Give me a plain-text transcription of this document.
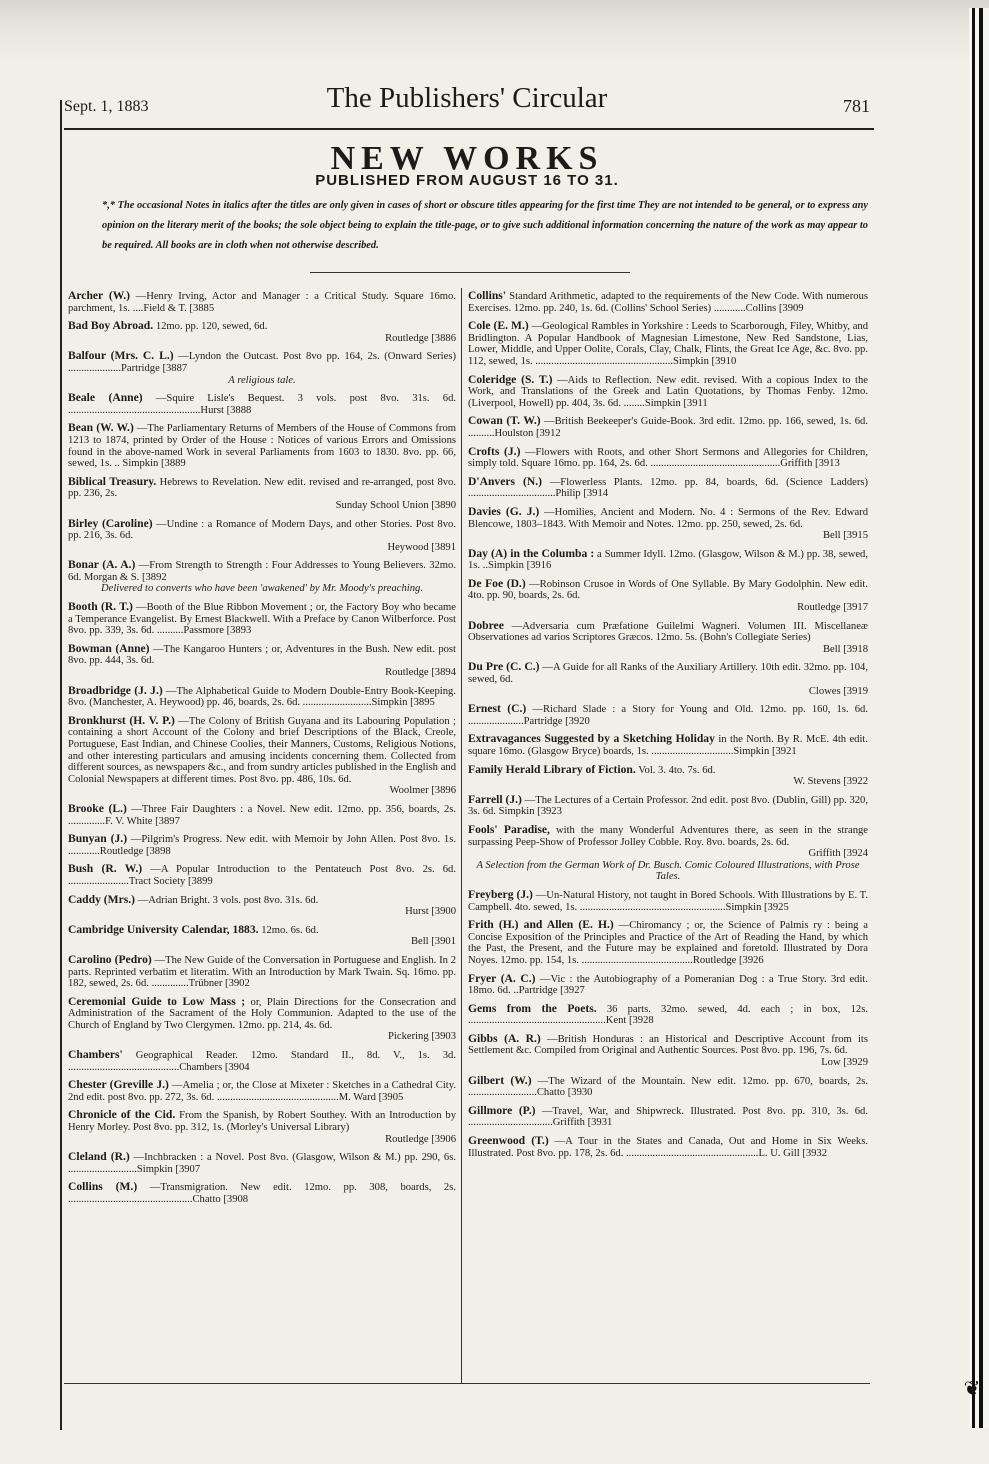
Sept. 1, 1883	The Publishers' Circular	781
NEW WORKS
PUBLISHED FROM AUGUST 16 TO 31.
*,* The occasional Notes in italics after the titles are only given in cases of short or obscure titles appearing for the first time They are not intended to be general, or to express any opinion on the literary merit of the books; the sole object being to explain the title-page, or to give such additional information concerning the nature of the work as may appear to be required. All books are in cloth when not otherwise described.
Archer (W.) —Henry Irving, Actor and Manager : a Critical Study. Square 16mo. parchment, 1s. ....Field & T. [3885
Bad Boy Abroad. 12mo. pp. 120, sewed, 6d.
Routledge [3886
Balfour (Mrs. C. L.) —Lyndon the Outcast. Post 8vo pp. 164, 2s. (Onward Series) ....................Partridge [3887
A religious tale.
Beale (Anne) —Squire Lisle's Bequest. 3 vols. post 8vo. 31s. 6d. ..................................................Hurst [3888
Bean (W. W.) —The Parliamentary Returns of Members of the House of Commons from 1213 to 1874, printed by Order of the House : Notices of various Errors and Omissions found in the above-named Work in several Parliaments from 1603 to 1830. 8vo. pp. 66, sewed, 1s. .. Simpkin [3889
Biblical Treasury. Hebrews to Revelation. New edit. revised and re-arranged, post 8vo. pp. 236, 2s.
Sunday School Union [3890
Birley (Caroline) —Undine : a Romance of Modern Days, and other Stories. Post 8vo. pp. 216, 3s. 6d.
Heywood [3891
Bonar (A. A.) —From Strength to Strength : Four Addresses to Young Believers. 32mo. 6d. Morgan & S. [3892
Delivered to converts who have been 'awakened' by Mr. Moody's preaching.
Booth (R. T.) —Booth of the Blue Ribbon Movement ; or, the Factory Boy who became a Temperance Evangelist. By Ernest Blackwell. With a Preface by Canon Wilberforce. Post 8vo. pp. 339, 3s. 6d. ..........Passmore [3893
Bowman (Anne) —The Kangaroo Hunters ; or, Adventures in the Bush. New edit. post 8vo. pp. 444, 3s. 6d.
Routledge [3894
Broadbridge (J. J.) —The Alphabetical Guide to Modern Double-Entry Book-Keeping. 8vo. (Manchester, A. Heywood) pp. 46, boards, 2s. 6d. ..........................Simpkin [3895
Bronkhurst (H. V. P.) —The Colony of British Guyana and its Labouring Population ; containing a short Account of the Colony and brief Descriptions of the Black, Creole, Portuguese, East Indian, and Chinese Coolies, their Manners, Customs, Religious Notions, and other interesting particulars and amusing incidents concerning them. Collected from different sources, as newspapers &c., and from sundry articles published in the English and Colonial Newspapers at different times. Post 8vo. pp. 486, 10s. 6d.
Woolmer [3896
Brooke (L.) —Three Fair Daughters : a Novel. New edit. 12mo. pp. 356, boards, 2s. ..............F. V. White [3897
Bunyan (J.) —Pilgrim's Progress. New edit. with Memoir by John Allen. Post 8vo. 1s. ............Routledge [3898
Bush (R. W.) —A Popular Introduction to the Pentateuch Post 8vo. 2s. 6d. .......................Tract Society [3899
Caddy (Mrs.) —Adrian Bright. 3 vols. post 8vo. 31s. 6d.
Hurst [3900
Cambridge University Calendar, 1883. 12mo. 6s. 6d.
Bell [3901
Carolino (Pedro) —The New Guide of the Conversation in Portuguese and English. In 2 parts. Reprinted verbatim et literatim. With an Introduction by Mark Twain. Sq. 16mo. pp. 182, sewed, 2s. 6d. ..............Trübner [3902
Ceremonial Guide to Low Mass ; or, Plain Directions for the Consecration and Administration of the Sacrament of the Holy Communion. Adapted to the use of the Church of England by Two Clergymen. 12mo. pp. 214, 4s. 6d.
Pickering [3903
Chambers' Geographical Reader. 12mo. Standard II., 8d. V., 1s. 3d. ..........................................Chambers [3904
Chester (Greville J.) —Amelia ; or, the Close at Mixeter : Sketches in a Cathedral City. 2nd edit. post 8vo. pp. 272, 3s. 6d. ..............................................M. Ward [3905
Chronicle of the Cid. From the Spanish, by Robert Southey. With an Introduction by Henry Morley. Post 8vo. pp. 312, 1s. (Morley's Universal Library)
Routledge [3906
Cleland (R.) —Inchbracken : a Novel. Post 8vo. (Glasgow, Wilson & M.) pp. 290, 6s. ..........................Simpkin [3907
Collins (M.) —Transmigration. New edit. 12mo. pp. 308, boards, 2s. ...............................................Chatto [3908
Collins' Standard Arithmetic, adapted to the requirements of the New Code. With numerous Exercises. 12mo. pp. 240, 1s. 6d. (Collins' School Series) ............Collins [3909
Cole (E. M.) —Geological Rambles in Yorkshire : Leeds to Scarborough, Filey, Whitby, and Bridlington. A Popular Handbook of Magnesian Limestone, New Red Sandstone, Lias, Lower, Middle, and Upper Oolite, Corals, Clay, Chalk, Flints, the Great Ice Age, &c. 8vo. pp. 112, sewed, 1s. ....................................................Simpkin [3910
Coleridge (S. T.) —Aids to Reflection. New edit. revised. With a copious Index to the Work, and Translations of the Greek and Latin Quotations, by Thomas Fenby. 12mo. (Liverpool, Howell) pp. 404, 3s. 6d. ........Simpkin [3911
Cowan (T. W.) —British Beekeeper's Guide-Book. 3rd edit. 12mo. pp. 166, sewed, 1s. 6d. ..........Houlston [3912
Crofts (J.) —Flowers with Roots, and other Short Sermons and Allegories for Children, simply told. Square 16mo. pp. 164, 2s. 6d. .................................................Griffith [3913
D'Anvers (N.) —Flowerless Plants. 12mo. pp. 84, boards, 6d. (Science Ladders) .................................Philip [3914
Davies (G. J.) —Homilies, Ancient and Modern. No. 4 : Sermons of the Rev. Edward Blencowe, 1803–1843. With Memoir and Notes. 12mo. pp. 250, sewed, 2s. 6d.
Bell [3915
Day (A) in the Columba : a Summer Idyll. 12mo. (Glasgow, Wilson & M.) pp. 38, sewed, 1s. ..Simpkin [3916
De Foe (D.) —Robinson Crusoe in Words of One Syllable. By Mary Godolphin. New edit. 4to. pp. 90, boards, 2s. 6d.
Routledge [3917
Dobree —Adversaria cum Præfatione Guilelmi Wagneri. Volumen III. Miscellaneæ Observationes ad varios Scriptores Græcos. 12mo. 5s. (Bohn's Collegiate Series)
Bell [3918
Du Pre (C. C.) —A Guide for all Ranks of the Auxiliary Artillery. 10th edit. 32mo. pp. 104, sewed, 6d.
Clowes [3919
Ernest (C.) —Richard Slade : a Story for Young and Old. 12mo. pp. 160, 1s. 6d. .....................Partridge [3920
Extravagances Suggested by a Sketching Holiday in the North. By R. McE. 4th edit. square 16mo. (Glasgow Bryce) boards, 1s. ...............................Simpkin [3921
Family Herald Library of Fiction. Vol. 3. 4to. 7s. 6d.
W. Stevens [3922
Farrell (J.) —The Lectures of a Certain Professor. 2nd edit. post 8vo. (Dublin, Gill) pp. 320, 3s. 6d. Simpkin [3923
Fools' Paradise, with the many Wonderful Adventures there, as seen in the strange surpassing Peep-Show of Professor Jolley Cobble. Roy. 8vo. boards, 2s. 6d.
Griffith [3924
A Selection from the German Work of Dr. Busch. Comic Coloured Illustrations, with Prose Tales.
Freyberg (J.) —Un-Natural History, not taught in Bored Schools. With Illustrations by E. T. Campbell. 4to. sewed, 1s. .......................................................Simpkin [3925
Frith (H.) and Allen (E. H.) —Chiromancy ; or, the Science of Palmis ry : being a Concise Exposition of the Principles and Practice of the Art of Reading the Hand, by which the Past, the Present, and the Future may be explained and foretold. Illustrated by Dora Noyes. 12mo. pp. 154, 1s. ..........................................Routledge [3926
Fryer (A. C.) —Vic : the Autobiography of a Pomeranian Dog : a True Story. 3rd edit. 18mo. 6d. ..Partridge [3927
Gems from the Poets. 36 parts. 32mo. sewed, 4d. each ; in box, 12s. ....................................................Kent [3928
Gibbs (A. R.) —British Honduras : an Historical and Descriptive Account from its Settlement &c. Compiled from Original and Authentic Sources. Post 8vo. pp. 196, 7s. 6d.
Low [3929
Gilbert (W.) —The Wizard of the Mountain. New edit. 12mo. pp. 670, boards, 2s. ..........................Chatto [3930
Gillmore (P.) —Travel, War, and Shipwreck. Illustrated. Post 8vo. pp. 310, 3s. 6d. ................................Griffith [3931
Greenwood (T.) —A Tour in the States and Canada, Out and Home in Six Weeks. Illustrated. Post 8vo. pp. 178, 2s. 6d. ..................................................L. U. Gill [3932
❦
